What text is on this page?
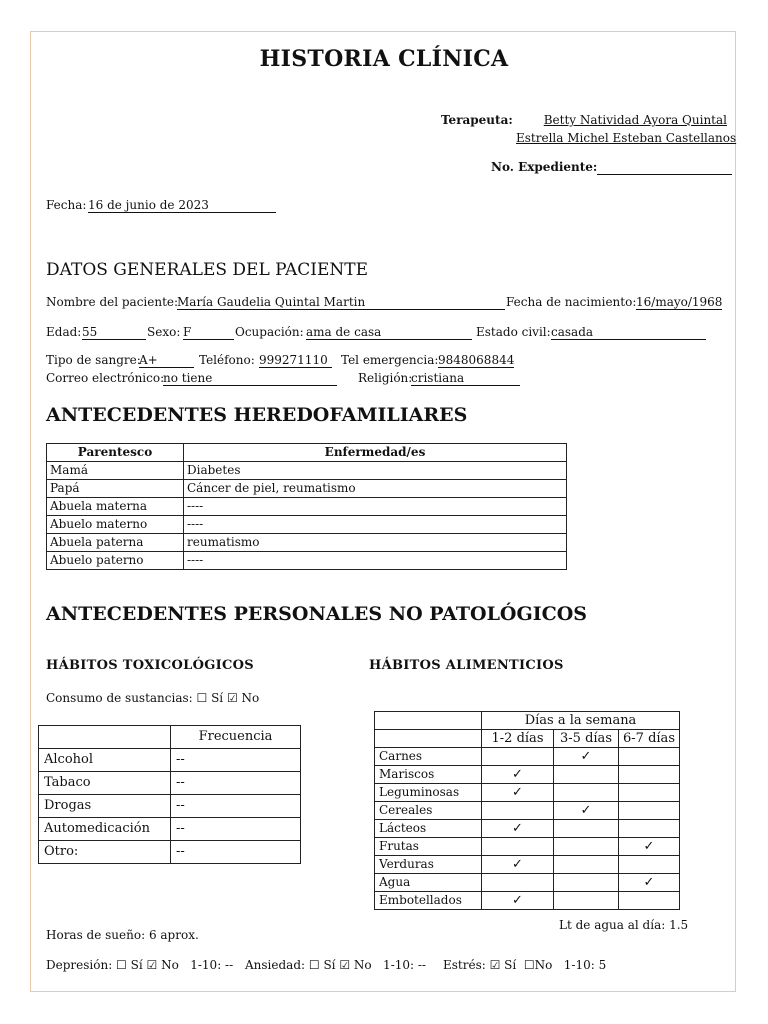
HISTORIA CLÍNICA
Terapeuta:	Betty Natividad Ayora Quintal
Estrella Michel Esteban Castellanos
No. Expediente:
Fecha: 16 de junio de 2023
DATOS GENERALES DEL PACIENTE
Nombre del paciente:
María Gaudelia Quintal Martin	Fecha de nacimiento: 16/mayo/1968
Edad: 55	Sexo: F	Ocupación: ama de casa	Estado civil: casada
Tipo de sangre:
A+	Teléfono: 999271110	Tel emergencia: 9848068844
Correo electrónico:
no tiene	Religión:
cristiana
ANTECEDENTES HEREDOFAMILIARES
Parentesco	Enfermedad/es
Mamá	Diabetes
Papá	Cáncer de piel, reumatismo
Abuela materna	----
Abuelo materno	----
Abuela paterna	reumatismo
Abuelo paterno	----
ANTECEDENTES PERSONALES NO PATOLÓGICOS
HÁBITOS TOXICOLÓGICOS	HÁBITOS ALIMENTICIOS
Consumo de sustancias: ☐ Sí ☑ No
	Frecuencia
Alcohol	--
Tabaco	--
Drogas	--
Automedicación	--
Otro:	--
	Días a la semana		
	1-2 días	3-5 días	6-7 días
Carnes		✓	
Mariscos	✓		
Leguminosas	✓		
Cereales		✓	
Lácteos	✓		
Frutas			✓
Verduras	✓		
Agua			✓
Embotellados	✓		
Lt de agua al día: 1.5
Horas de sueño: 6 aprox.
Depresión: ☐ Sí ☑ No   1-10: -- Ansiedad: ☐ Sí ☑ No   1-10: -- Estrés: ☑ Sí  ☐No   1-10: 5
